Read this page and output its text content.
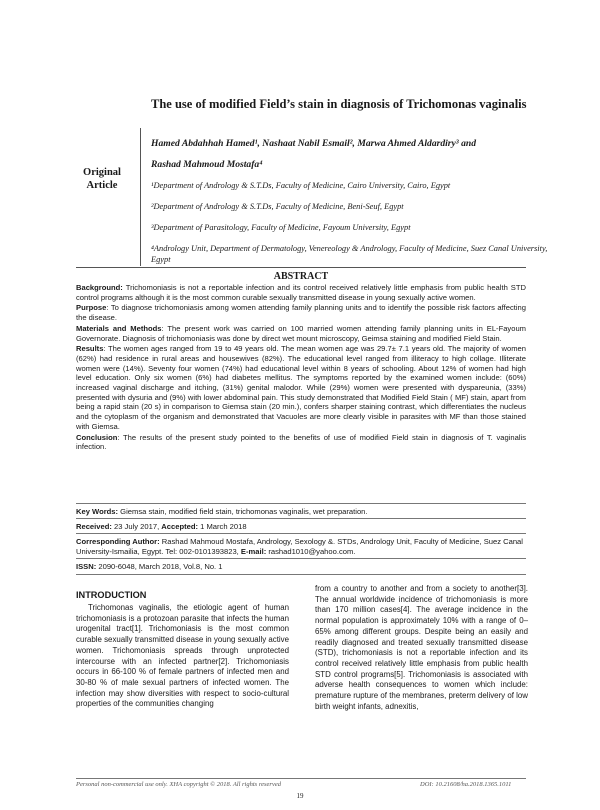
The use of modified Field’s stain in diagnosis of Trichomonas vaginalis
Hamed Abdahhah Hamed¹, Nashaat Nabil Esmail², Marwa Ahmed Aldardiry³ and
Rashad Mahmoud Mostafa⁴
Original Article	¹Department of Andrology & S.T.Ds, Faculty of Medicine, Cairo University, Cairo, Egypt
²Department of Andrology & S.T.Ds, Faculty of Medicine, Beni-Seuf, Egypt
³Department of Parasitology, Faculty of Medicine, Fayoum University, Egypt
⁴Andrology Unit, Department of Dermatology, Venereology & Andrology, Faculty of Medicine, Suez Canal University, Egypt
ABSTRACT

Background: Trichomoniasis is not a reportable infection and its control received relatively little emphasis from public health STD control programs although it is the most common curable sexually transmitted disease in young sexually active women.

Purpose: To diagnose trichomoniasis among women attending family planning units and to identify the possible risk factors affecting the disease.

Materials and Methods: The present work was carried on 100 married women attending family planning units in EL-Fayoum Governorate. Diagnosis of trichomoniasis was done by direct wet mount microscopy, Geimsa staining and modified Field Stain.

Results: The women ages ranged from 19 to 49 years old. The mean women age was 29.7± 7.1 years old. The majority of women (62%) had residence in rural areas and housewives (82%). The educational level ranged from illiteracy to high collage. Illiterate women were (14%). Seventy four women (74%) had educational level within 8 years of schooling. About 12% of women had high level education. Only six women (6%) had diabetes mellitus. The symptoms reported by the examined women include: (60%) increased vaginal discharge and itching, (31%) genital malodor. While (29%) women were presented with dyspareunia, (33%) presented with dysuria and (9%) with lower abdominal pain. This study demonstrated that Modified Field Stain ( MF) stain, apart from being a rapid stain (20 s) in comparison to Giemsa stain (20 min.), confers sharper staining contrast, which differentiates the nucleus and the cytoplasm of the organism and demonstrated that Vacuoles are more clearly visible in parasites with MF than those stained with Giemsa.

Conclusion: The results of the present study pointed to the benefits of use of modified Field stain in diagnosis of T. vaginalis infection.

Key Words: Giemsa stain, modified field stain, trichomonas vaginalis, wet preparation.
Received: 23 July 2017, Accepted: 1 March 2018
Corresponding Author: Rashad Mahmoud Mostafa, Andrology, Sexology &. STDs, Andrology Unit, Faculty of Medicine, Suez Canal University-Ismailia, Egypt. Tel: 002-0101393823, E-mail: rashad1010@yahoo.com.
ISSN: 2090-6048, March 2018, Vol.8, No. 1
INTRODUCTION
Trichomonas vaginalis, the etiologic agent of human trichomoniasis is a protozoan parasite that infects the human urogenital tract[1]. Trichomoniasis is the most common curable sexually transmitted disease in young sexually active women. Trichomoniasis spreads through unprotected intercourse with an infected partner[2]. Trichomoniasis occurs in 66-100 % of female partners of infected men and 30-80 % of male sexual partners of infected women. The infection may show diversities with respect to socio-cultural properties of the communities changing
from a country to another and from a society to another[3]. The annual worldwide incidence of trichomoniasis is more than 170 million cases[4]. The average incidence in the normal population is approximately 10% with a range of 0–65% among different groups. Despite being an easily and readily diagnosed and treated sexually transmitted disease (STD), trichomoniasis is not a reportable infection and its control received relatively little emphasis from public health STD control programs[5]. Trichomoniasis is associated with adverse health consequences to women which include: premature rupture of the membranes, preterm delivery of low birth weight infants, adnexitis,
Personal non-commercial use only. XHA copyright © 2018. All rights reserved	DOI: 10.21608/ha.2018.1365.1011
19
